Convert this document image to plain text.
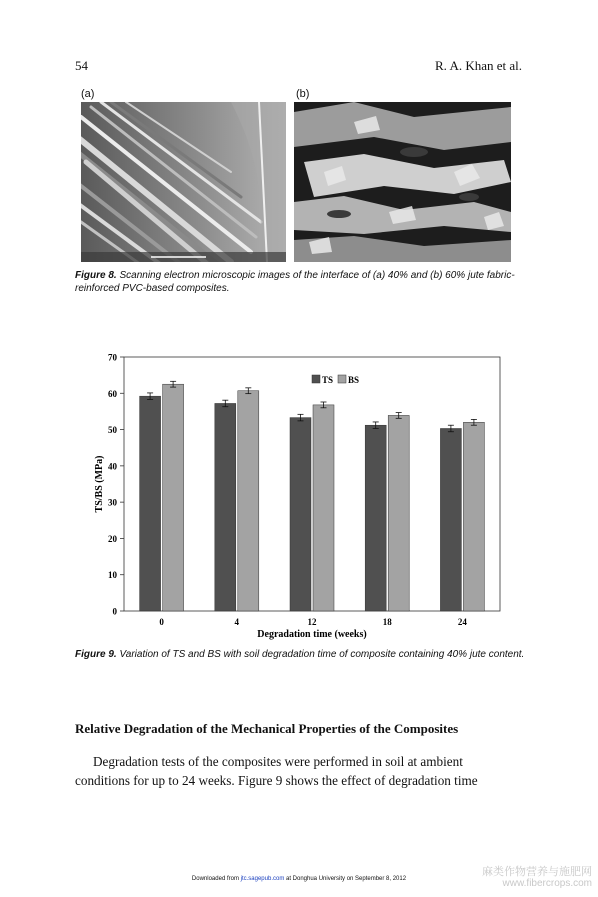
54	R. A. Khan et al.
(a)	(b)
Figure 8. Scanning electron microscopic images of the interface of (a) 40% and (b) 60% jute fabric-reinforced PVC-based composites.
0
10
20
30
40
50
60
70
0	4	12	18	24
TS BS
Degradation time (weeks)
TS/BS (MPa)
Figure 9. Variation of TS and BS with soil degradation time of composite containing 40% jute content.
Relative Degradation of the Mechanical Properties of the Composites
Degradation tests of the composites were performed in soil at ambient
conditions for up to 24 weeks. Figure 9 shows the effect of degradation time
Downloaded from jtc.sagepub.com at Donghua University on September 8, 2012
麻类作物营养与施肥网
www.fibercrops.com
